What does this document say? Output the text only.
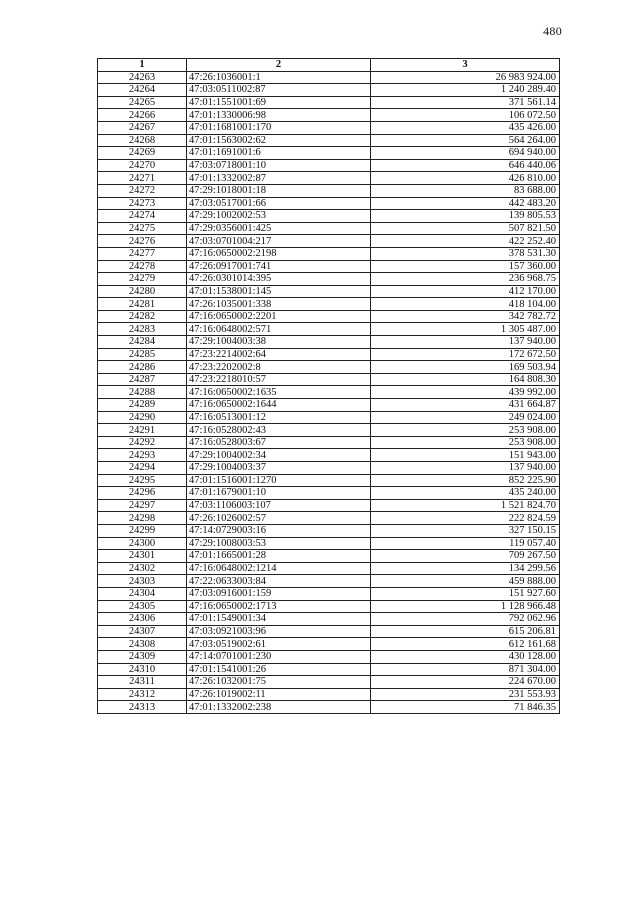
480
1	2	3
24263	47:26:1036001:1	26 983 924.00
24264	47:03:0511002:87	1 240 289.40
24265	47:01:1551001:69	371 561.14
24266	47:01:1330006:98	106 072.50
24267	47:01:1681001:170	435 426.00
24268	47:01:1563002:62	564 264.00
24269	47:01:1691001:6	694 940.00
24270	47:03:0718001:10	646 440.06
24271	47:01:1332002:87	426 810.00
24272	47:29:1018001:18	83 688.00
24273	47:03:0517001:66	442 483.20
24274	47:29:1002002:53	139 805.53
24275	47:29:0356001:425	507 821.50
24276	47:03:0701004:217	422 252.40
24277	47:16:0650002:2198	378 531.30
24278	47:26:0917001:741	157 360.00
24279	47:26:0301014:395	236 968.75
24280	47:01:1538001:145	412 170.00
24281	47:26:1035001:338	418 104.00
24282	47:16:0650002:2201	342 782.72
24283	47:16:0648002:571	1 305 487.00
24284	47:29:1004003:38	137 940.00
24285	47:23:2214002:64	172 672.50
24286	47:23:2202002:8	169 503.94
24287	47:23:2218010:57	164 808.30
24288	47:16:0650002:1635	439 992.00
24289	47:16:0650002:1644	431 664.87
24290	47:16:0513001:12	249 024.00
24291	47:16:0528002:43	253 908.00
24292	47:16:0528003:67	253 908.00
24293	47:29:1004002:34	151 943.00
24294	47:29:1004003:37	137 940.00
24295	47:01:1516001:1270	852 225.90
24296	47:01:1679001:10	435 240.00
24297	47:03:1106003:107	1 521 824.70
24298	47:26:1026002:57	222 824.59
24299	47:14:0729003:16	327 150.15
24300	47:29:1008003:53	119 057.40
24301	47:01:1665001:28	709 267.50
24302	47:16:0648002:1214	134 299.56
24303	47:22:0633003:84	459 888.00
24304	47:03:0916001:159	151 927.60
24305	47:16:0650002:1713	1 128 966.48
24306	47:01:1549001:34	792 062.96
24307	47:03:0921003:96	615 206.81
24308	47:03:0519002:61	612 161.68
24309	47:14:0701001:230	430 128.00
24310	47:01:1541001:26	871 304.00
24311	47:26:1032001:75	224 670.00
24312	47:26:1019002:11	231 553.93
24313	47:01:1332002:238	71 846.35
